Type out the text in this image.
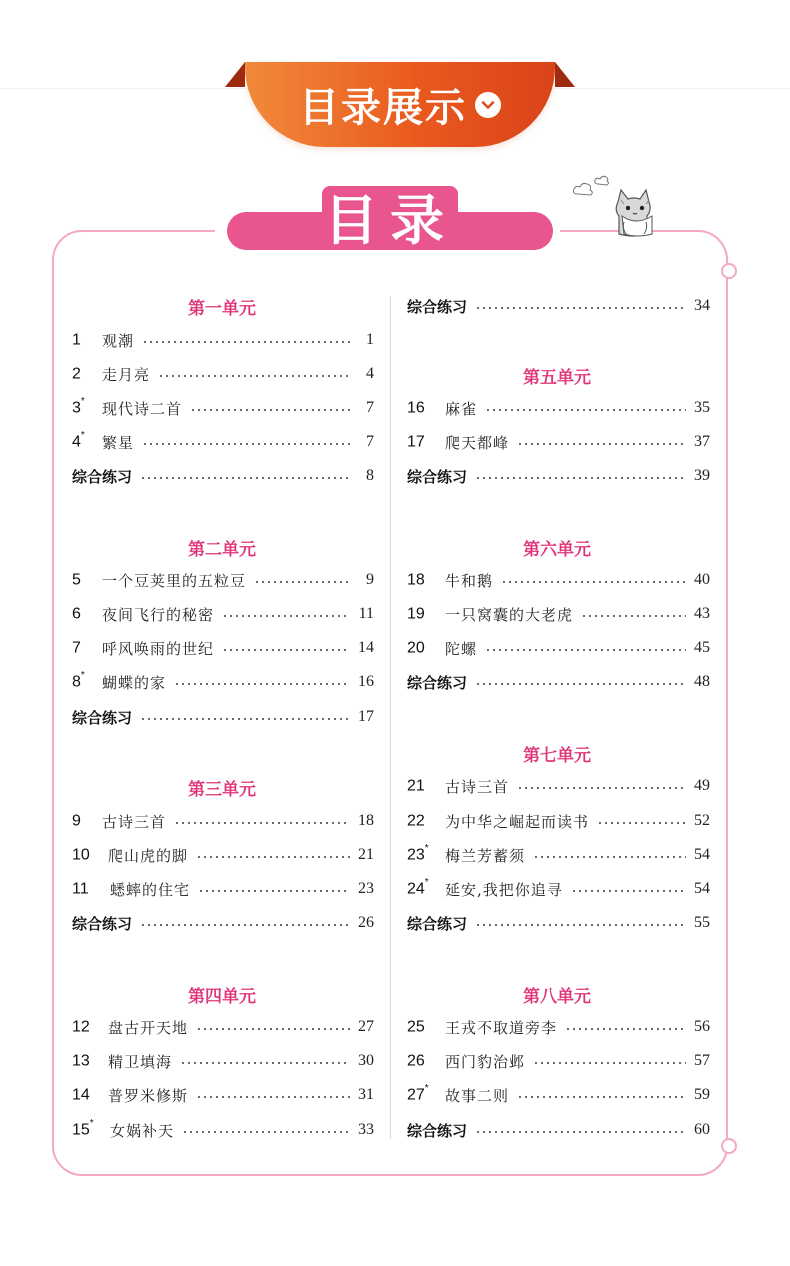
目录展示
目录
第一单元
1	观潮	1
2	走月亮	4
3*	现代诗二首	7
4*	繁星	7
综合练习	8
第二单元
5	一个豆荚里的五粒豆	9
6	夜间飞行的秘密	11
7	呼风唤雨的世纪	14
8*	蝴蝶的家	16
综合练习	17
第三单元
9	古诗三首	18
10	爬山虎的脚	21
11	蟋蟀的住宅	23
综合练习	26
第四单元
12	盘古开天地	27
13	精卫填海	30
14	普罗米修斯	31
15*	女娲补天	33
综合练习	34
第五单元
16	麻雀	35
17	爬天都峰	37
综合练习	39
第六单元
18	牛和鹅	40
19	一只窝囊的大老虎	43
20	陀螺	45
综合练习	48
第七单元
21	古诗三首	49
22	为中华之崛起而读书	52
23*	梅兰芳蓄须	54
24*	延安,我把你追寻	54
综合练习	55
第八单元
25	王戎不取道旁李	56
26	西门豹治邺	57
27*	故事二则	59
综合练习	60
